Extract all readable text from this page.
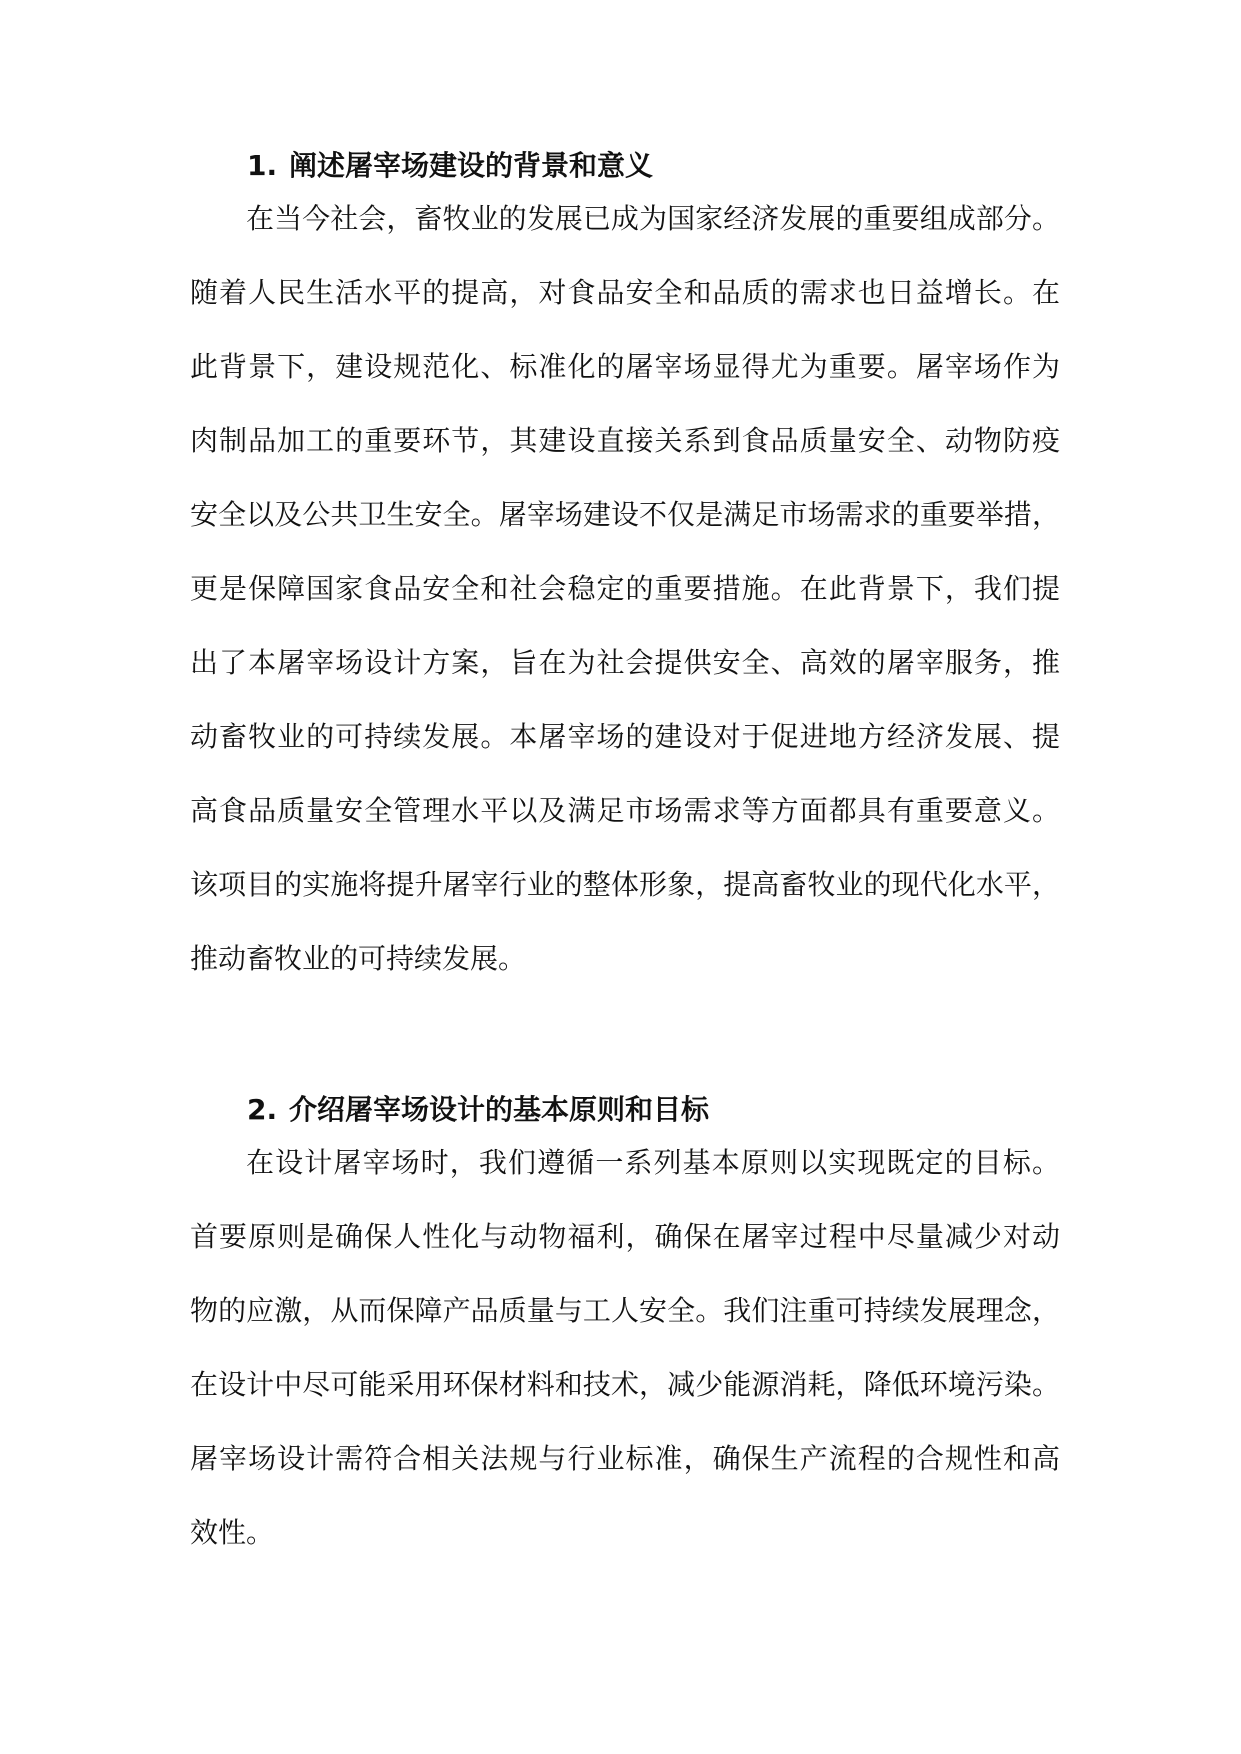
1. 阐述屠宰场建设的背景和意义
在当今社会，畜牧业的发展已成为国家经济发展的重要组成部分。
随着人民生活水平的提高，对食品安全和品质的需求也日益增长。在
此背景下，建设规范化、标准化的屠宰场显得尤为重要。屠宰场作为
肉制品加工的重要环节，其建设直接关系到食品质量安全、动物防疫
安全以及公共卫生安全。屠宰场建设不仅是满足市场需求的重要举措，
更是保障国家食品安全和社会稳定的重要措施。在此背景下，我们提
出了本屠宰场设计方案，旨在为社会提供安全、高效的屠宰服务，推
动畜牧业的可持续发展。本屠宰场的建设对于促进地方经济发展、提
高食品质量安全管理水平以及满足市场需求等方面都具有重要意义。
该项目的实施将提升屠宰行业的整体形象，提高畜牧业的现代化水平，
推动畜牧业的可持续发展。
2. 介绍屠宰场设计的基本原则和目标
在设计屠宰场时，我们遵循一系列基本原则以实现既定的目标。
首要原则是确保人性化与动物福利，确保在屠宰过程中尽量减少对动
物的应激，从而保障产品质量与工人安全。我们注重可持续发展理念，
在设计中尽可能采用环保材料和技术，减少能源消耗，降低环境污染。
屠宰场设计需符合相关法规与行业标准，确保生产流程的合规性和高
效性。
